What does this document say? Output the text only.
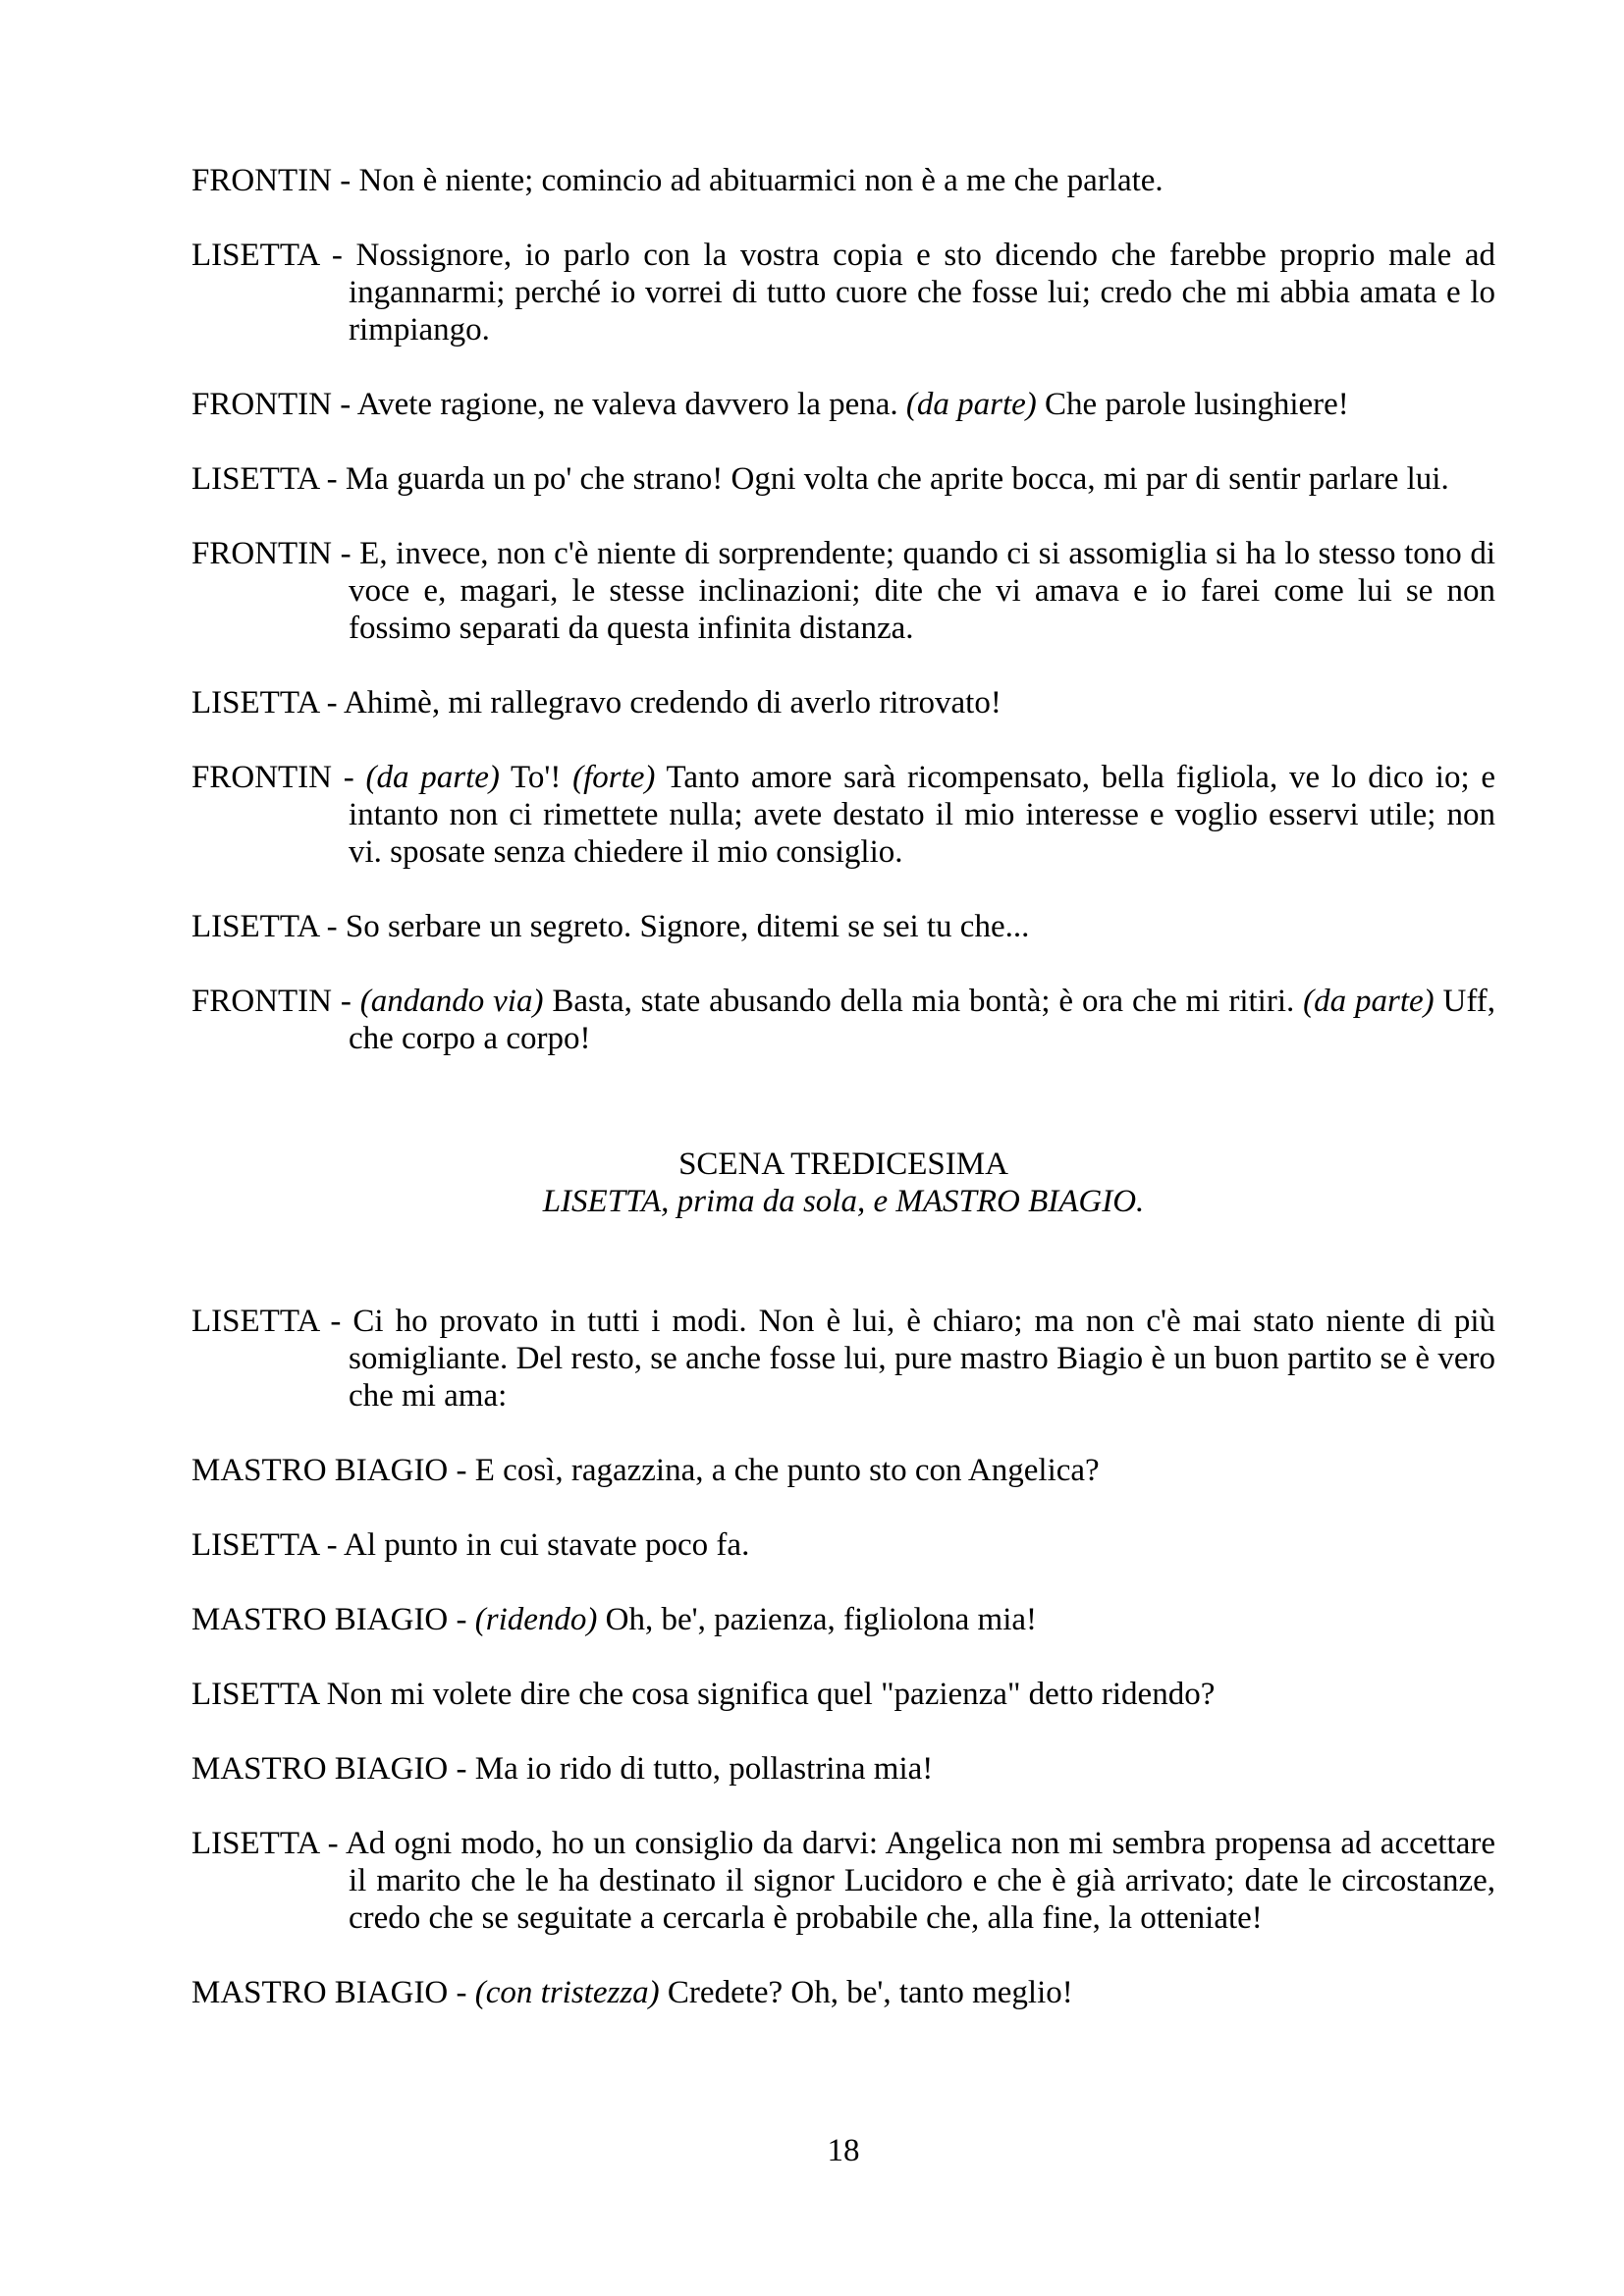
FRONTIN - Non è niente; comincio ad abituarmici non è a me che parlate.

LISETTA - Nossignore, io parlo con la vostra copia e sto dicendo che farebbe proprio male ad ingannarmi; perché io vorrei di tutto cuore che fosse lui; credo che mi abbia amata e lo rimpiango.

FRONTIN - Avete ragione, ne valeva davvero la pena. (da parte) Che parole lusinghiere!

LISETTA - Ma guarda un po' che strano! Ogni volta che aprite bocca, mi par di sentir parlare lui.

FRONTIN - E, invece, non c'è niente di sorprendente; quando ci si assomiglia si ha lo stesso tono di voce e, magari, le stesse inclinazioni; dite che vi amava e io farei come lui se non fossimo separati da questa infinita distanza.

LISETTA - Ahimè, mi rallegravo credendo di averlo ritrovato!

FRONTIN - (da parte) To'! (forte) Tanto amore sarà ricompensato, bella figliola, ve lo dico io; e intanto non ci rimettete nulla; avete destato il mio interesse e voglio esservi utile; non vi. sposate senza chiedere il mio consiglio.

LISETTA - So serbare un segreto. Signore, ditemi se sei tu che...

FRONTIN - (andando via) Basta, state abusando della mia bontà; è ora che mi ritiri. (da parte) Uff, che corpo a corpo!

SCENA TREDICESIMA
LISETTA, prima da sola, e MASTRO BIAGIO.

LISETTA - Ci ho provato in tutti i modi. Non è lui, è chiaro; ma non c'è mai stato niente di più somigliante. Del resto, se anche fosse lui, pure mastro Biagio è un buon partito se è vero che mi ama:

MASTRO BIAGIO - E così, ragazzina, a che punto sto con Angelica?

LISETTA - Al punto in cui stavate poco fa.

MASTRO BIAGIO - (ridendo) Oh, be', pazienza, figliolona mia!

LISETTA Non mi volete dire che cosa significa quel "pazienza" detto ridendo?

MASTRO BIAGIO - Ma io rido di tutto, pollastrina mia!

LISETTA - Ad ogni modo, ho un consiglio da darvi: Angelica non mi sembra propensa ad accettare il marito che le ha destinato il signor Lucidoro e che è già arrivato; date le circostanze, credo che se seguitate a cercarla è probabile che, alla fine, la otteniate!

MASTRO BIAGIO - (con tristezza) Credete? Oh, be', tanto meglio!

18
